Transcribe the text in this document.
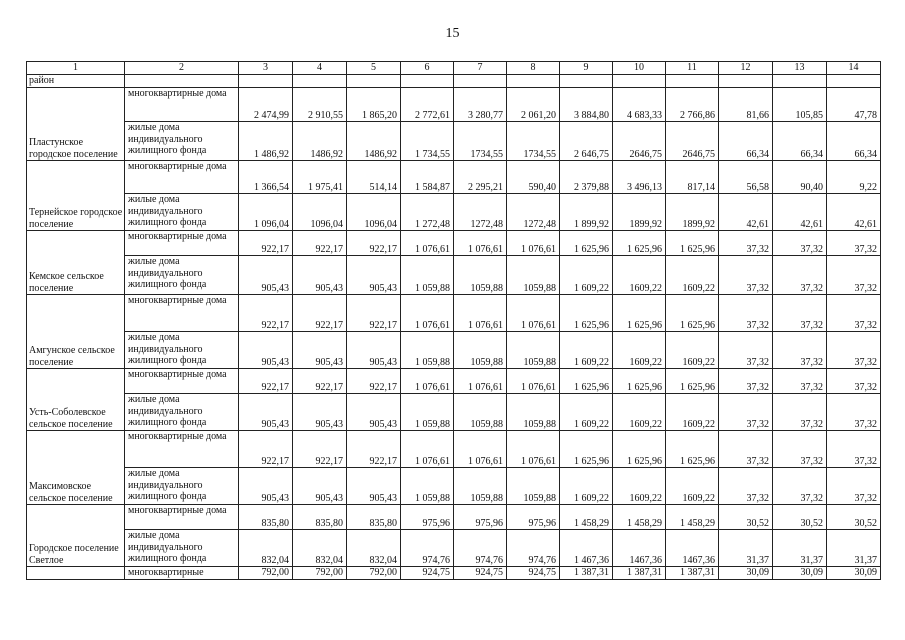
15
1	2	3	4	5	6	7	8	9	10	11	12	13	14
район													
Пластунское городское поселение	многоквартирные дома	2 474,99	2 910,55	1 865,20	2 772,61	3 280,77	2 061,20	3 884,80	4 683,33	2 766,86	81,66	105,85	47,78
	жилые дома индивидуального жилищного фонда	1 486,92	1486,92	1486,92	1 734,55	1734,55	1734,55	2 646,75	2646,75	2646,75	66,34	66,34	66,34
Тернейское городское поселение	многоквартирные дома	1 366,54	1 975,41	514,14	1 584,87	2 295,21	590,40	2 379,88	3 496,13	817,14	56,58	90,40	9,22
	жилые дома индивидуального жилищного фонда	1 096,04	1096,04	1096,04	1 272,48	1272,48	1272,48	1 899,92	1899,92	1899,92	42,61	42,61	42,61
Кемское сельское поселение	многоквартирные дома	922,17	922,17	922,17	1 076,61	1 076,61	1 076,61	1 625,96	1 625,96	1 625,96	37,32	37,32	37,32
	жилые дома индивидуального жилищного фонда	905,43	905,43	905,43	1 059,88	1059,88	1059,88	1 609,22	1609,22	1609,22	37,32	37,32	37,32
Амгунское сельское поселение	многоквартирные дома	922,17	922,17	922,17	1 076,61	1 076,61	1 076,61	1 625,96	1 625,96	1 625,96	37,32	37,32	37,32
	жилые дома индивидуального жилищного фонда	905,43	905,43	905,43	1 059,88	1059,88	1059,88	1 609,22	1609,22	1609,22	37,32	37,32	37,32
Усть-Соболевское сельское поселение	многоквартирные дома	922,17	922,17	922,17	1 076,61	1 076,61	1 076,61	1 625,96	1 625,96	1 625,96	37,32	37,32	37,32
	жилые дома индивидуального жилищного фонда	905,43	905,43	905,43	1 059,88	1059,88	1059,88	1 609,22	1609,22	1609,22	37,32	37,32	37,32
Максимовское сельское поселение	многоквартирные дома	922,17	922,17	922,17	1 076,61	1 076,61	1 076,61	1 625,96	1 625,96	1 625,96	37,32	37,32	37,32
	жилые дома индивидуального жилищного фонда	905,43	905,43	905,43	1 059,88	1059,88	1059,88	1 609,22	1609,22	1609,22	37,32	37,32	37,32
Городское поселение Светлое	многоквартирные дома	835,80	835,80	835,80	975,96	975,96	975,96	1 458,29	1 458,29	1 458,29	30,52	30,52	30,52
	жилые дома индивидуального жилищного фонда	832,04	832,04	832,04	974,76	974,76	974,76	1 467,36	1467,36	1467,36	31,37	31,37	31,37
	многоквартирные	792,00	792,00	792,00	924,75	924,75	924,75	1 387,31	1 387,31	1 387,31	30,09	30,09	30,09
